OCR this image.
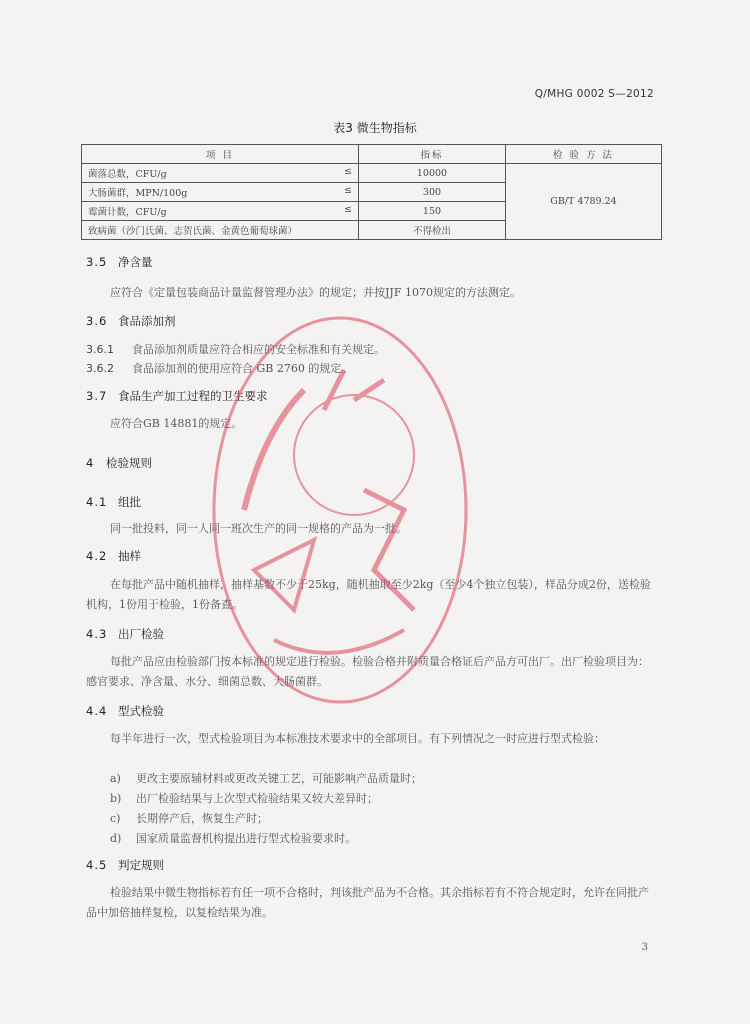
Q/MHG 0002 S—2012
表3 微生物指标
项 目	指标	检 验 方 法

菌落总数，CFU/g ≤	10000	GB/T 4789.24

大肠菌群，MPN/100g ≤	300	

霉菌计数，CFU/g ≤	150	

致病菌（沙门氏菌、志贺氏菌、金黄色葡萄球菌）	不得检出	
3.5 净含量

应符合《定量包装商品计量监督管理办法》的规定；并按JJF 1070规定的方法测定。

3.6 食品添加剂
3.6.1 食品添加剂质量应符合相应的安全标准和有关规定。
3.6.2 食品添加剂的使用应符合 GB 2760 的规定。
3.7 食品生产加工过程的卫生要求

应符合GB 14881的规定。

4 检验规则
4.1 组批

同一批投料，同一人同一班次生产的同一规格的产品为一批。

4.2 抽样

在每批产品中随机抽样，抽样基数不少于25kg，随机抽取至少2kg（至少4个独立包装），样品分成2份，送检验机构，1份用于检验，1份备查。

4.3 出厂检验

每批产品应由检验部门按本标准的规定进行检验。检验合格并附质量合格证后产品方可出厂。出厂检验项目为：感官要求、净含量、水分、细菌总数、大肠菌群。

4.4 型式检验

每半年进行一次，型式检验项目为本标准技术要求中的全部项目。有下列情况之一时应进行型式检验：

a) 更改主要原辅材料或更改关键工艺，可能影响产品质量时；
b) 出厂检验结果与上次型式检验结果又较大差异时；
c) 长期停产后，恢复生产时；
d) 国家质量监督机构提出进行型式检验要求时。
4.5 判定规则

检验结果中微生物指标若有任一项不合格时，判该批产品为不合格。其余指标若有不符合规定时，允许在同批产品中加倍抽样复检，以复检结果为准。

3
